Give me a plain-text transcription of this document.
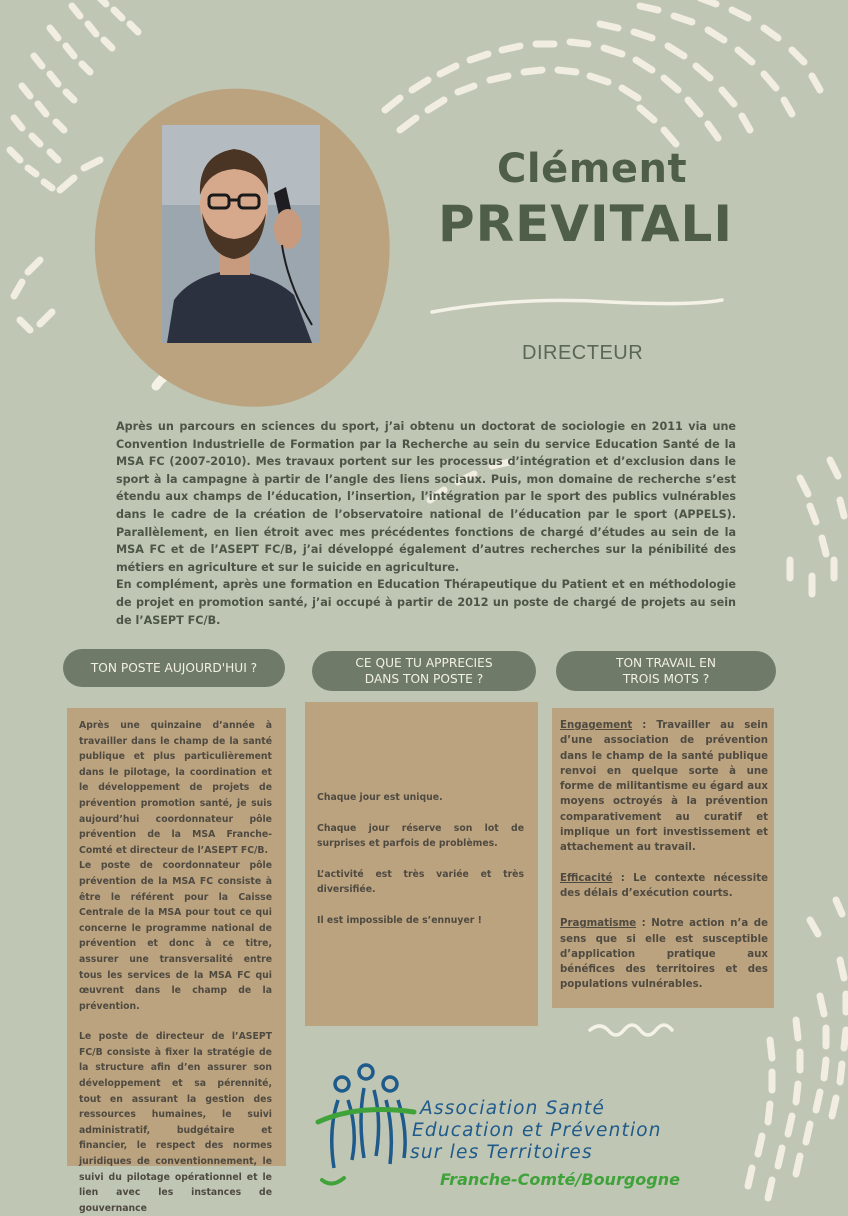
Clément
PREVITALI
DIRECTEUR

Après un parcours en sciences du sport, j’ai obtenu un doctorat de sociologie en 2011 via une Convention Industrielle de Formation par la Recherche au sein du service Education Santé de la MSA FC (2007-2010). Mes travaux portent sur les processus d’intégration et d’exclusion dans le sport à la campagne à partir de l’angle des liens sociaux. Puis, mon domaine de recherche s’est étendu aux champs de l’éducation, l’insertion, l’intégration par le sport des publics vulnérables dans le cadre de la création de l’observatoire national de l’éducation par le sport (APPELS). Parallèlement, en lien étroit avec mes précédentes fonctions de chargé d’études au sein de la MSA FC et de l’ASEPT FC/B, j’ai développé également d’autres recherches sur la pénibilité des métiers en agriculture et sur le suicide en agriculture.

En complément, après une formation en Education Thérapeutique du Patient et en méthodologie de projet en promotion santé, j’ai occupé à partir de 2012 un poste de chargé de projets au sein de l’ASEPT FC/B.

TON POSTE AUJOURD'HUI ?	CE QUE TU APPRECIES
DANS TON POSTE ?
TON TRAVAIL EN
TROIS MOTS ?

Après une quinzaine d’année à travailler dans le champ de la santé publique et plus particulièrement dans le pilotage, la coordination et le développement de projets de prévention promotion santé, je suis aujourd’hui coordonnateur pôle prévention de la MSA Franche-Comté et directeur de l’ASEPT FC/B.

Le poste de coordonnateur pôle prévention de la MSA FC consiste à être le référent pour la Caisse Centrale de la MSA pour tout ce qui concerne le programme national de prévention et donc à ce titre, assurer une transversalité entre tous les services de la MSA FC qui œuvrent dans le champ de la prévention.

Le poste de directeur de l’ASEPT FC/B consiste à fixer la stratégie de la structure afin d’en assurer son développement et sa pérennité, tout en assurant la gestion des ressources humaines, le suivi administratif, budgétaire et financier, le respect des normes juridiques de conventionnement, le suivi du pilotage opérationnel et le lien avec les instances de gouvernance

Chaque jour est unique.

Chaque jour réserve son lot de surprises et parfois de problèmes.

L’activité est très variée et très diversifiée.

Il est impossible de s’ennuyer !

Engagement : Travailler au sein d’une association de prévention dans le champ de la santé publique renvoi en quelque sorte à une forme de militantisme eu égard aux moyens octroyés à la prévention comparativement au curatif et implique un fort investissement et attachement au travail.

Efficacité : Le contexte nécessite des délais d’exécution courts.

Pragmatisme : Notre action n’a de sens que si elle est susceptible d’application pratique aux bénéfices des territoires et des populations vulnérables.

Association Santé
Education et Prévention
sur les Territoires
Franche-Comté/Bourgogne
